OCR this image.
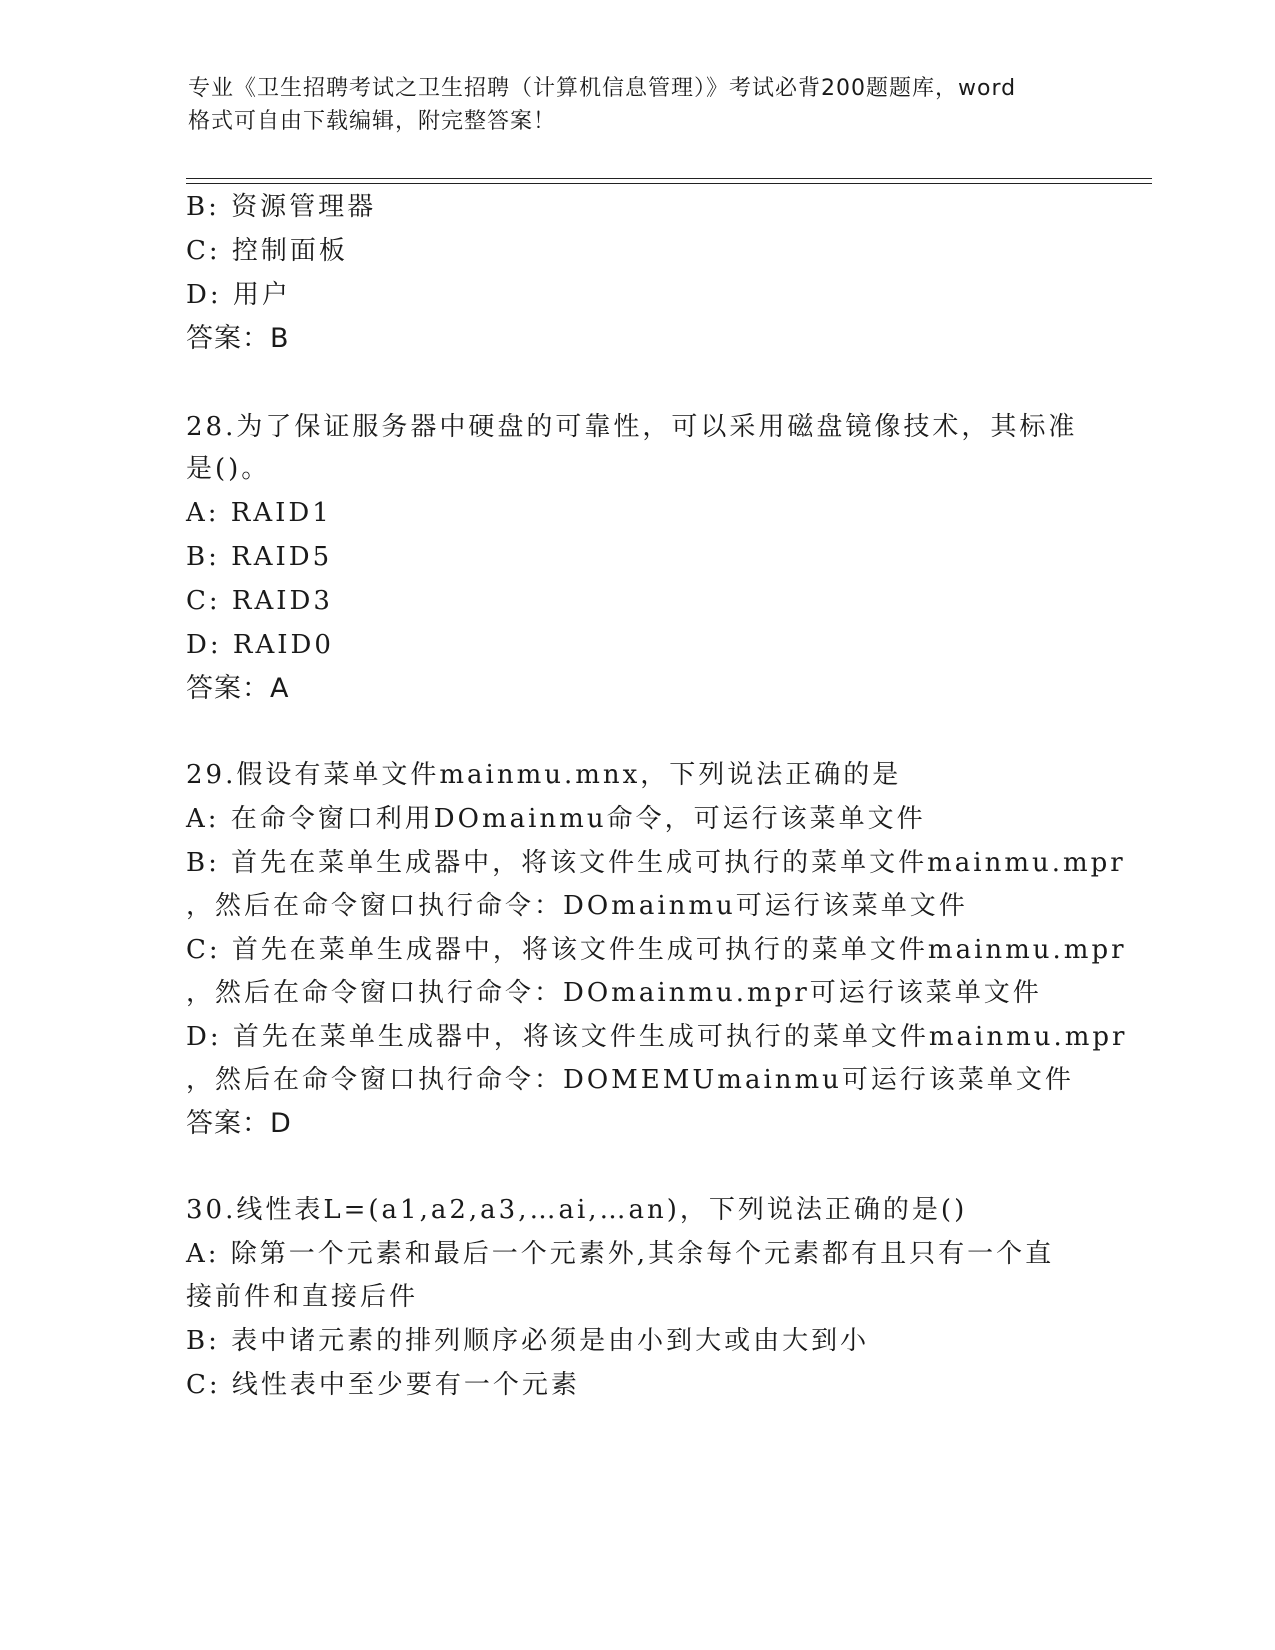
专业《卫生招聘考试之卫生招聘（计算机信息管理）》考试必背200题题库，word
格式可自由下载编辑，附完整答案！
B: 资源管理器
C: 控制面板
D: 用户
答案：B
28.为了保证服务器中硬盘的可靠性，可以采用磁盘镜像技术，其标准
是()。
A: RAID1
B: RAID5
C: RAID3
D: RAID0
答案：A
29.假设有菜单文件mainmu.mnx，下列说法正确的是
A: 在命令窗口利用DOmainmu命令，可运行该菜单文件
B: 首先在菜单生成器中，将该文件生成可执行的菜单文件mainmu.mpr
，然后在命令窗口执行命令：DOmainmu可运行该菜单文件
C: 首先在菜单生成器中，将该文件生成可执行的菜单文件mainmu.mpr
，然后在命令窗口执行命令：DOmainmu.mpr可运行该菜单文件
D: 首先在菜单生成器中，将该文件生成可执行的菜单文件mainmu.mpr
，然后在命令窗口执行命令：DOMEMUmainmu可运行该菜单文件
答案：D
30.线性表L=(a1,a2,a3,…ai,…an)，下列说法正确的是()
A: 除第一个元素和最后一个元素外,其余每个元素都有且只有一个直
接前件和直接后件
B: 表中诸元素的排列顺序必须是由小到大或由大到小
C: 线性表中至少要有一个元素
